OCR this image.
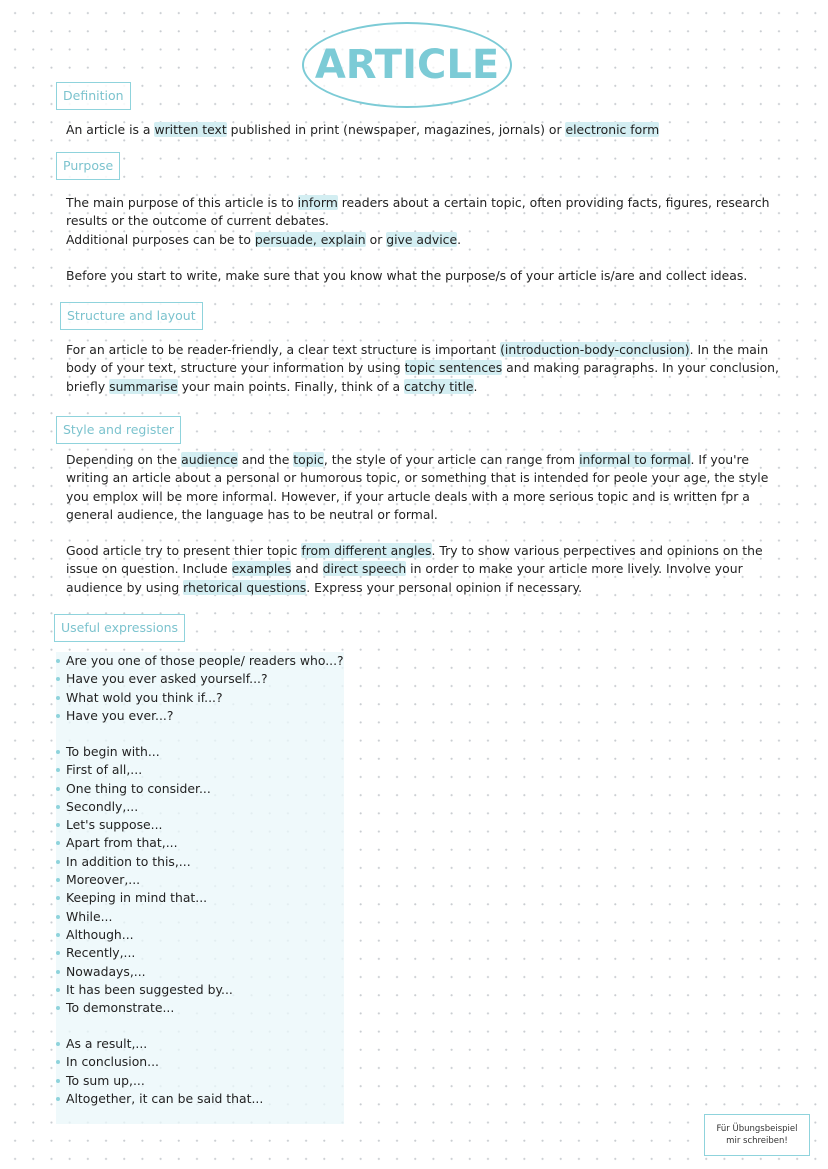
ARTICLE
Definition

An article is a written text published in print (newspaper, magazines, jornals) or electronic form

Purpose

The main purpose of this article is to inform readers about a certain topic, often providing facts, figures, research results or the outcome of current debates.

Additional purposes can be to persuade, explain or give advice.

Before you start to write, make sure that you know what the purpose/s of your article is/are and collect ideas.

Structure and layout

For an article to be reader-friendly, a clear text structure is important (introduction-body-conclusion). In the main body of your text, structure your information by using topic sentences and making paragraphs. In your conclusion, briefly summarise your main points. Finally, think of a catchy title.

Style and register

Depending on the audience and the topic, the style of your article can range from informal to formal. If you're writing an article about a personal or humorous topic, or something that is intended for peole your age, the style you emplox will be more informal. However, if your artucle deals with a more serious topic and is written fpr a general audience, the language has to be neutral or formal.

Good article try to present thier topic from different angles. Try to show various perpectives and opinions on the issue on question. Include examples and direct speech in order to make your article more lively. Involve your audience by using rhetorical questions. Express your personal opinion if necessary.

Useful expressions
Are you one of those people/ readers who...?
Have you ever asked yourself...?
What wold you think if...?
Have you ever...?
To begin with...
First of all,...
One thing to consider...
Secondly,...
Let's suppose...
Apart from that,...
In addition to this,...
Moreover,...
Keeping in mind that...
While...
Although...
Recently,...
Nowadays,...
It has been suggested by...
To demonstrate...
As a result,...
In conclusion...
To sum up,...
Altogether, it can be said that...
Für Übungsbeispiel
mir schreiben!
